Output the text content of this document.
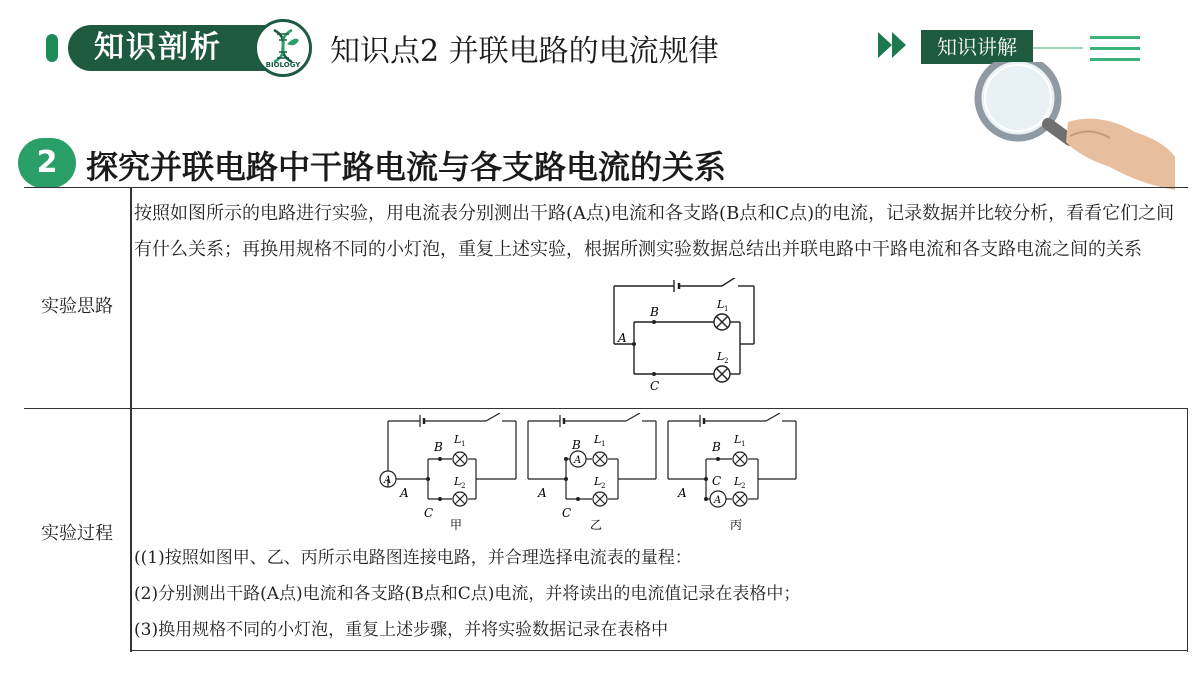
知识剖析	BIOLOGY 知识点2 并联电路的电流规律	知识讲解
2 探究并联电路中干路电流与各支路电流的关系
实验思路
按照如图所示的电路进行实验，用电流表分别测出干路(A点)电流和各支路(B点和C点)的电流，记录数据并比较分析，看看它们之间有什么关系；再换用规格不同的小灯泡，重复上述实验，根据所测实验数据总结出并联电路中干路电流和各支路电流之间的关系
A
B
C
L 1
L 2
实验过程
A
A
A
A
B
C
L 1
L 2	A
B
C
L 1
L 2	A
B
C
L 1
L 2
甲	乙	丙
((1)按照如图甲、乙、丙所示电路图连接电路，并合理选择电流表的量程：
(2)分别测出干路(A点)电流和各支路(B点和C点)电流，并将读出的电流值记录在表格中；
(3)换用规格不同的小灯泡，重复上述步骤，并将实验数据记录在表格中
